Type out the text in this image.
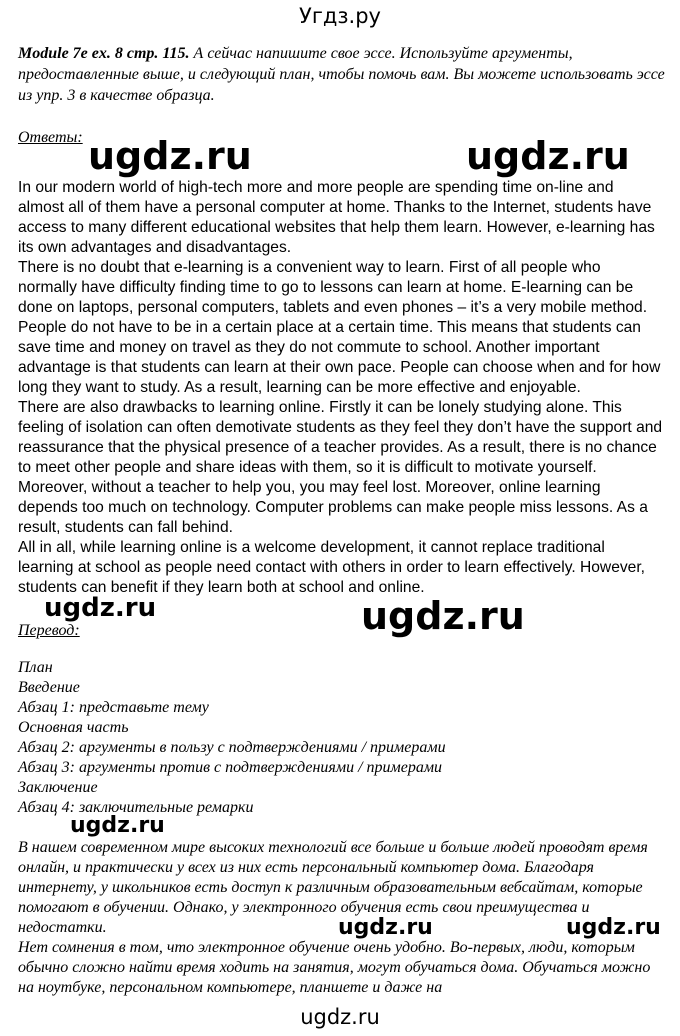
Угдз.ру
Module 7e ex. 8 стр. 115. А сейчас напишите свое эссе. Используйте аргументы, предоставленные выше, и следующий план, чтобы помочь вам. Вы можете использовать эссе из упр. 3 в качестве образца.
Ответы:

In our modern world of high-tech more and more people are spending time on-line and almost all of them have a personal computer at home. Thanks to the Internet, students have access to many different educational websites that help them learn. However, e-learning has its own advantages and disadvantages.

There is no doubt that e-learning is a convenient way to learn. First of all people who normally have difficulty finding time to go to lessons can learn at home. E-learning can be done on laptops, personal computers, tablets and even phones – it’s a very mobile method. People do not have to be in a certain place at a certain time. This means that students can save time and money on travel as they do not commute to school. Another important advantage is that students can learn at their own pace. People can choose when and for how long they want to study. As a result, learning can be more effective and enjoyable.

There are also drawbacks to learning online. Firstly it can be lonely studying alone. This feeling of isolation can often demotivate students as they feel they don’t have the support and reassurance that the physical presence of a teacher provides. As a result, there is no chance to meet other people and share ideas with them, so it is difficult to motivate yourself. Moreover, without a teacher to help you, you may feel lost. Moreover, online learning depends too much on technology. Computer problems can make people miss lessons. As a result, students can fall behind.

All in all, while learning online is a welcome development, it cannot replace traditional learning at school as people need contact with others in order to learn effectively. However, students can benefit if they learn both at school and online.

Перевод:
План
Введение
Абзац 1: представьте тему
Основная часть
Абзац 2: аргументы в пользу с подтверждениями / примерами
Абзац 3: аргументы против с подтверждениями / примерами
Заключение
Абзац 4: заключительные ремарки

В нашем современном мире высоких технологий все больше и больше людей проводят время онлайн, и практически у всех из них есть персональный компьютер дома. Благодаря интернету, у школьников есть доступ к различным образовательным вебсайтам, которые помогают в обучении. Однако, у электронного обучения есть свои преимущества и недостатки.

Нет сомнения в том, что электронное обучение очень удобно. Во-первых, люди, которым обычно сложно найти время ходить на занятия, могут обучаться дома. Обучаться можно на ноутбуке, персональном компьютере, планшете и даже на

ugdz.ru	ugdz.ru
ugdz.ru	ugdz.ru
ugdz.ru
ugdz.ru	ugdz.ru
ugdz.ru
